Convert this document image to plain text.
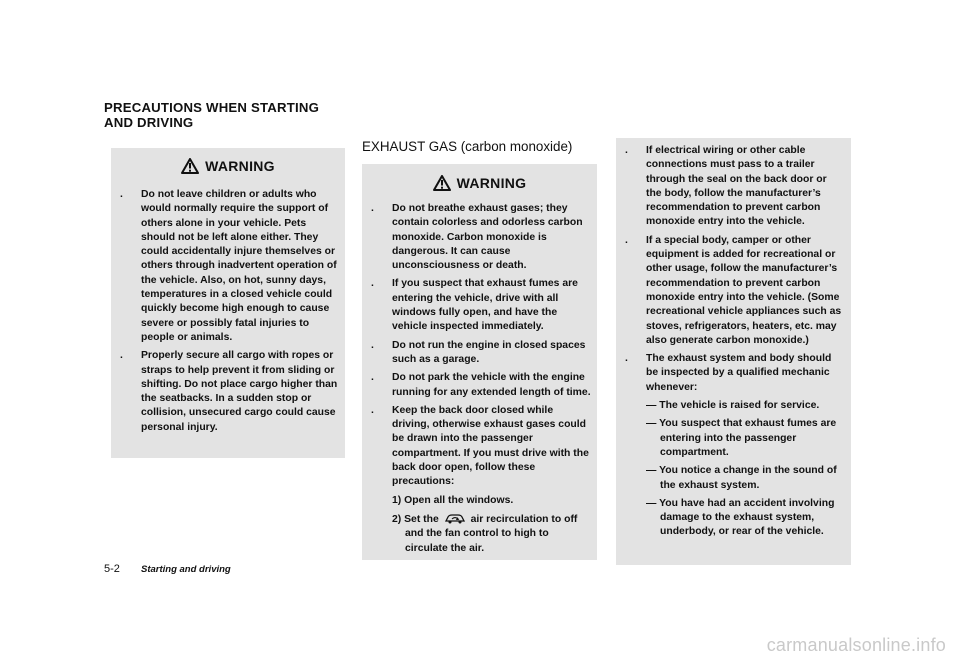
PRECAUTIONS WHEN STARTING
AND DRIVING
WARNING
. Do not leave children or adults who would normally require the support of others alone in your vehicle. Pets should not be left alone either. They could accidentally injure themselves or others through inadvertent operation of the vehicle. Also, on hot, sunny days, temperatures in a closed vehicle could quickly become high enough to cause severe or possibly fatal injuries to people or animals.
. Properly secure all cargo with ropes or straps to help prevent it from sliding or shifting. Do not place cargo higher than the seatbacks. In a sudden stop or collision, unsecured cargo could cause personal injury.
EXHAUST GAS (carbon monoxide)
WARNING
. Do not breathe exhaust gases; they contain colorless and odorless carbon monoxide. Carbon monoxide is dangerous. It can cause unconsciousness or death.
. If you suspect that exhaust fumes are entering the vehicle, drive with all windows fully open, and have the vehicle inspected immediately.
. Do not run the engine in closed spaces such as a garage.
. Do not park the vehicle with the engine running for any extended length of time.
. Keep the back door closed while driving, otherwise exhaust gases could be drawn into the passenger compartment. If you must drive with the back door open, follow these precautions:
1) Open all the windows.
2) Set the	air recirculation to off and the fan control to high to circulate the air.
. If electrical wiring or other cable connections must pass to a trailer through the seal on the back door or the body, follow the manufacturer’s recommendation to prevent carbon monoxide entry into the vehicle.
. If a special body, camper or other equipment is added for recreational or other usage, follow the manufacturer’s recommendation to prevent carbon monoxide entry into the vehicle. (Some recreational vehicle appliances such as stoves, refrigerators, heaters, etc. may also generate carbon monoxide.)
. The exhaust system and body should be inspected by a qualified mechanic whenever:
— The vehicle is raised for service.
— You suspect that exhaust fumes are entering into the passenger compartment.
— You notice a change in the sound of the exhaust system.
— You have had an accident involving damage to the exhaust system, underbody, or rear of the vehicle.
5-2 Starting and driving
carmanualsonline.info
